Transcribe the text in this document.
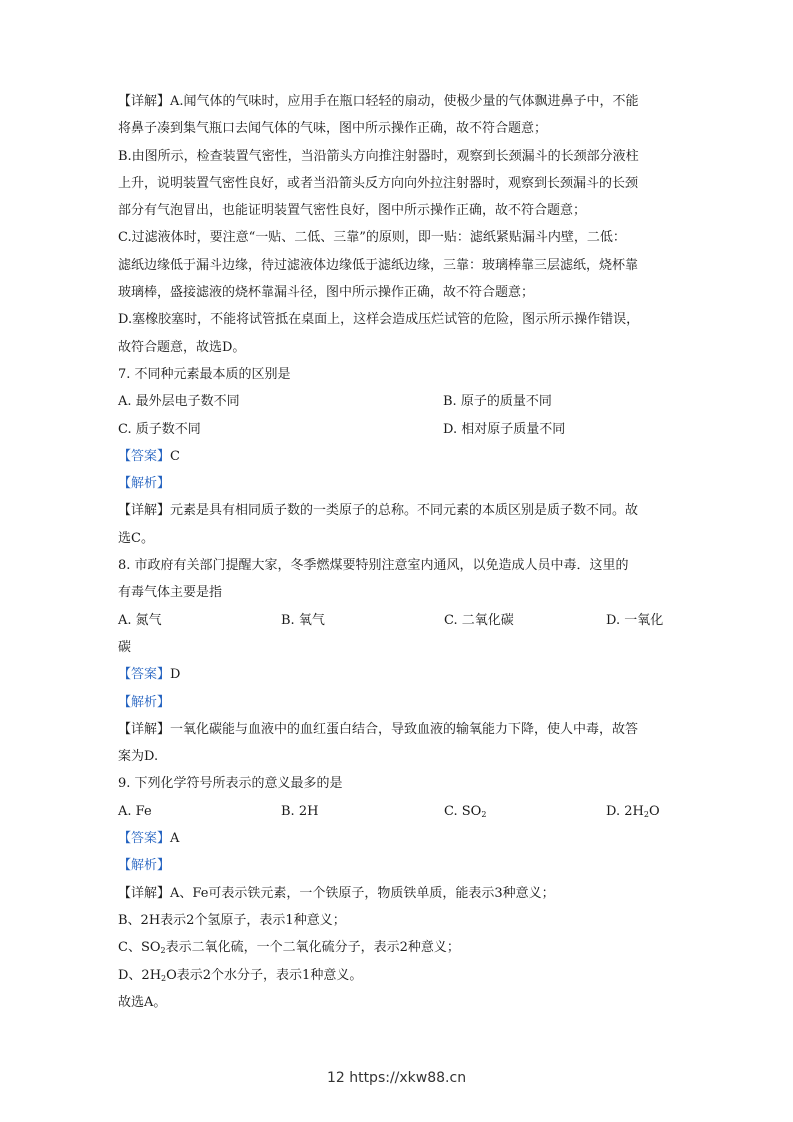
【详解】A.闻气体的气味时，应用手在瓶口轻轻的扇动，使极少量的气体飘进鼻子中，不能
将鼻子凑到集气瓶口去闻气体的气味，图中所示操作正确，故不符合题意；
B.由图所示，检查装置气密性，当沿箭头方向推注射器时，观察到长颈漏斗的长颈部分液柱
上升，说明装置气密性良好，或者当沿箭头反方向向外拉注射器时，观察到长颈漏斗的长颈
部分有气泡冒出，也能证明装置气密性良好，图中所示操作正确，故不符合题意；
C.过滤液体时，要注意“一贴、二低、三靠”的原则，即一贴：滤纸紧贴漏斗内壁，二低：
滤纸边缘低于漏斗边缘，待过滤液体边缘低于滤纸边缘，三靠：玻璃棒靠三层滤纸，烧杯靠
玻璃棒，盛接滤液的烧杯靠漏斗径，图中所示操作正确，故不符合题意；
D.塞橡胶塞时，不能将试管抵在桌面上，这样会造成压烂试管的危险，图示所示操作错误，
故符合题意，故选D。
7. 不同种元素最本质的区别是
A. 最外层电子数不同	B. 原子的质量不同
C. 质子数不同	D. 相对原子质量不同
【答案】C
【解析】
【详解】元素是具有相同质子数的一类原子的总称。不同元素的本质区别是质子数不同。故
选C。
8. 市政府有关部门提醒大家，冬季燃煤要特别注意室内通风，以免造成人员中毒．这里的
有毒气体主要是指
A. 氮气	B. 氧气	C. 二氧化碳	D. 一氧化
碳
【答案】D
【解析】
【详解】一氧化碳能与血液中的血红蛋白结合，导致血液的输氧能力下降，使人中毒，故答
案为D.
9. 下列化学符号所表示的意义最多的是
A. Fe	B. 2H	C. $SO_2$	D. $2H_2O$
【答案】A
【解析】
【详解】A、Fe可表示铁元素，一个铁原子，物质铁单质，能表示3种意义；
B、2H表示2个氢原子，表示1种意义；
C、$SO_2$表示二氧化硫，一个二氧化硫分子，表示2种意义；
D、$2H_2O$表示2个水分子，表示1种意义。
故选A。
12 https://xkw88.cn
